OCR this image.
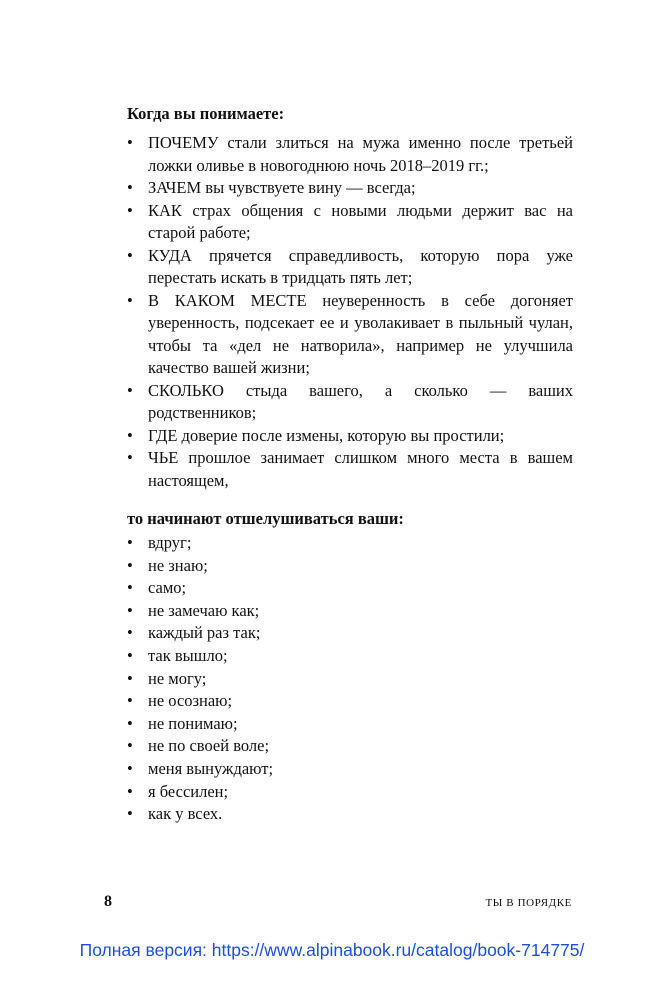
Когда вы понимаете:

• ПОЧЕМУ стали злиться на мужа именно после третьей ложки оливье в новогоднюю ночь 2018–2019 гг.;
• ЗАЧЕМ вы чувствуете вину — всегда;
• КАК страх общения с новыми людьми держит вас на старой работе;
• КУДА прячется справедливость, которую пора уже перестать искать в тридцать пять лет;
• В КАКОМ МЕСТЕ неуверенность в себе догоняет уверенность, подсекает ее и уволакивает в пыльный чулан, чтобы та «дел не натворила», например не улучшила качество вашей жизни;
• СКОЛЬКО стыда вашего, а сколько — ваших родственников;
• ГДЕ доверие после измены, которую вы простили;
• ЧЬЕ прошлое занимает слишком много места в вашем настоящем,

то начинают отшелушиваться ваши:

• вдруг;
• не знаю;
• само;
• не замечаю как;
• каждый раз так;
• так вышло;
• не могу;
• не осознаю;
• не понимаю;
• не по своей воле;
• меня вынуждают;
• я бессилен;
• как у всех.
8	ТЫ В ПОРЯДКЕ
Полная версия: https://www.alpinabook.ru/catalog/book-714775/
